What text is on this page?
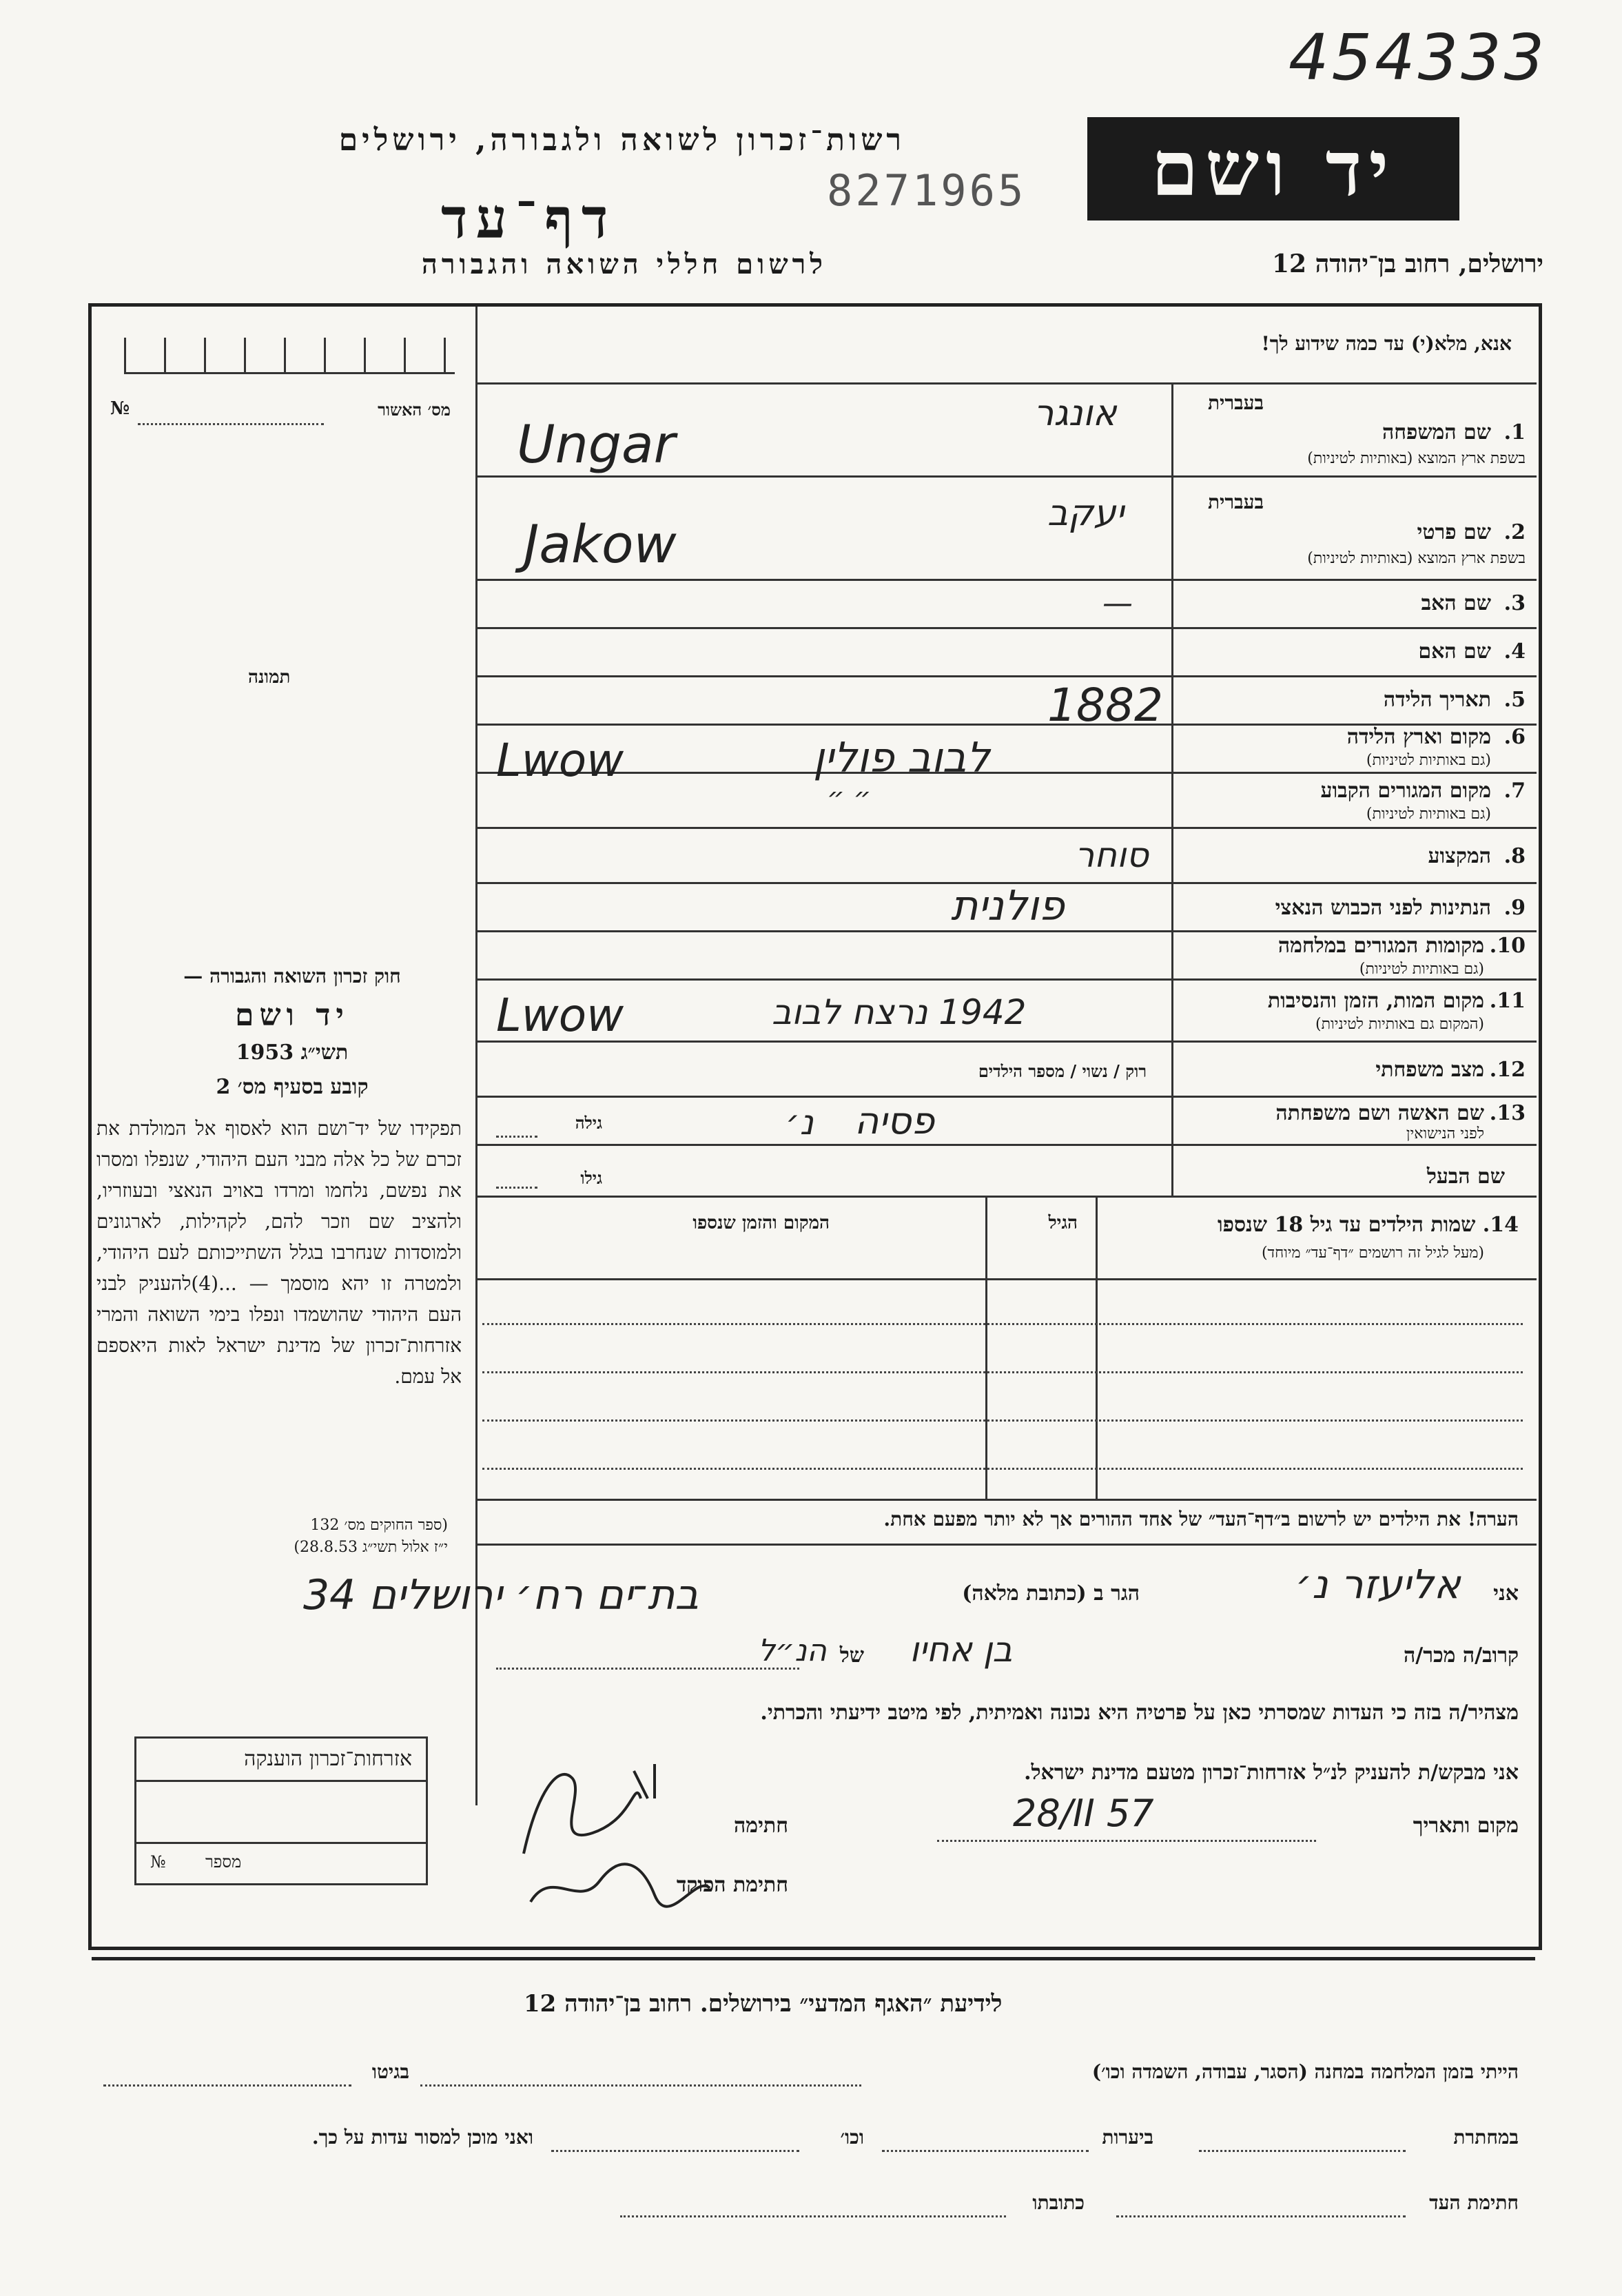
454333
רשות־זכרון לשואה ולגבורה, ירושלים
8271965
דף־עד
לרשום חללי השואה והגבורה
יד ושם
ירושלים, רחוב בן־יהודה 12
אנא, מלא(י) עד כמה שידוע לך!
מס׳ האשור
№
תמונה
בעברית
1.
שם המשפחה
בשפת ארץ המוצא (באותיות לטיניות)
אונגר
Ungar
בעברית
2.
שם פרטי
בשפת ארץ המוצא (באותיות לטיניות)
יעקב
Jakow
3.
שם האב
—
4.
שם האם
5.
תאריך הלידה
1882
6.
מקום וארץ הלידה
(גם באותיות לטיניות)
לבוב פולין
Lwow
7.
מקום המגורים הקבוע
(גם באותיות לטיניות)
״ ״
8.
המקצוע
סוחר
9.
הנתינות לפני הכבוש הנאצי
פולנית
10.
מקומות המגורים במלחמה
(גם באותיות לטיניות)
11.
מקום המות, הזמן והנסיבות
(המקום גם באותיות לטיניות)
1942 נרצח לבוב
Lwow
12.
מצב משפחתי
רוק / נשוי / מספר הילדים
13.
שם האשה ושם משפחתה
לפני הנישואין
פסיה
נ׳
גילה
שם הבעל
גילו
14. שמות הילדים עד גיל 18 שנספו
(מעל לגיל זה רושמים ״דף־עד״ מיוחד)
הגיל
המקום והזמן שנספו
הערה! את הילדים יש לרשום ב״דף־העד״ של אחד ההורים אך לא יותר מפעם אחת.
אני
אליעזר נ׳
הגר ב (כתובת מלאה)
בת־ים רח׳ ירושלים 34
קרוב/ה מכר/ה
בן אחיו
של
הנ״ל
מצהיר/ה בזה כי העדות שמסרתי כאן על פרטיה היא נכונה ואמיתית, לפי מיטב ידיעתי והכרתי.
אני מבקש/ת להעניק לנ״ל אזרחות־זכרון מטעם מדינת ישראל.
מקום ותאריך
28/II 57
חתימה
חתימת הפוקד
חוק זכרון השואה והגבורה —
יד ושם
תשי״ג 1953
קובע בסעיף מס׳ 2
תפקידו של יד־ושם הוא לאסוף אל המולדת את זכרם של כל אלה מבני העם היהודי, שנפלו ומסרו את נפשם, נלחמו ומרדו באויב הנאצי ובעוזריו, ולהציב שם וזכר להם, לקהילות, לארגונים ולמוסדות שנחרבו בגלל השתייכותם לעם היהודי, ולמטרה זו יהא מוסמך — ...(4)להעניק לבני העם היהודי שהושמדו ונפלו בימי השואה והמרי אזרחות־זכרון של מדינת ישראל לאות היאספם אל עמם.
(ספר החוקים מס׳ 132
י״ז אלול תשי״ג 28.8.53)
אזרחות־זכרון הוענקה
№ מספר
לידיעת ״האגף המדעי״ בירושלים. רחוב בן־יהודה 12
הייתי בזמן המלחמה במחנה (הסגר, עבודה, השמדה וכו׳)
בגיטו
במחתרת
ביערות
וכו׳
ואני מוכן למסור עדות על כך.
חתימת העד
כתובתו
